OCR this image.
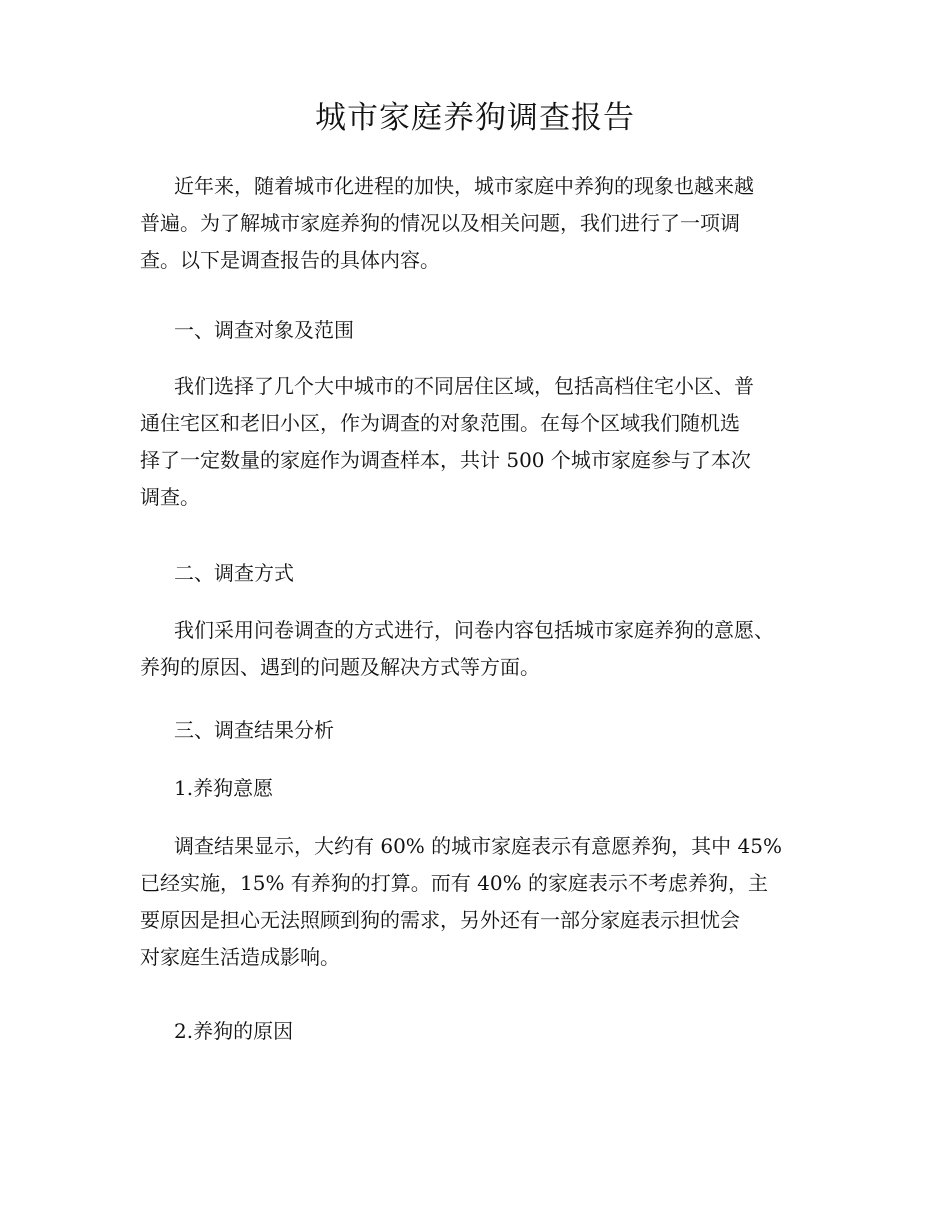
城市家庭养狗调查报告
近年来，随着城市化进程的加快，城市家庭中养狗的现象也越来越
普遍。为了解城市家庭养狗的情况以及相关问题，我们进行了一项调
查。以下是调查报告的具体内容。
一、调查对象及范围
我们选择了几个大中城市的不同居住区域，包括高档住宅小区、普
通住宅区和老旧小区，作为调查的对象范围。在每个区域我们随机选
择了一定数量的家庭作为调查样本，共计 500 个城市家庭参与了本次
调查。
二、调查方式
我们采用问卷调查的方式进行，问卷内容包括城市家庭养狗的意愿、
养狗的原因、遇到的问题及解决方式等方面。
三、调查结果分析
1.养狗意愿
调查结果显示，大约有 60% 的城市家庭表示有意愿养狗，其中 45%
已经实施，15% 有养狗的打算。而有 40% 的家庭表示不考虑养狗，主
要原因是担心无法照顾到狗的需求，另外还有一部分家庭表示担忧会
对家庭生活造成影响。
2.养狗的原因
